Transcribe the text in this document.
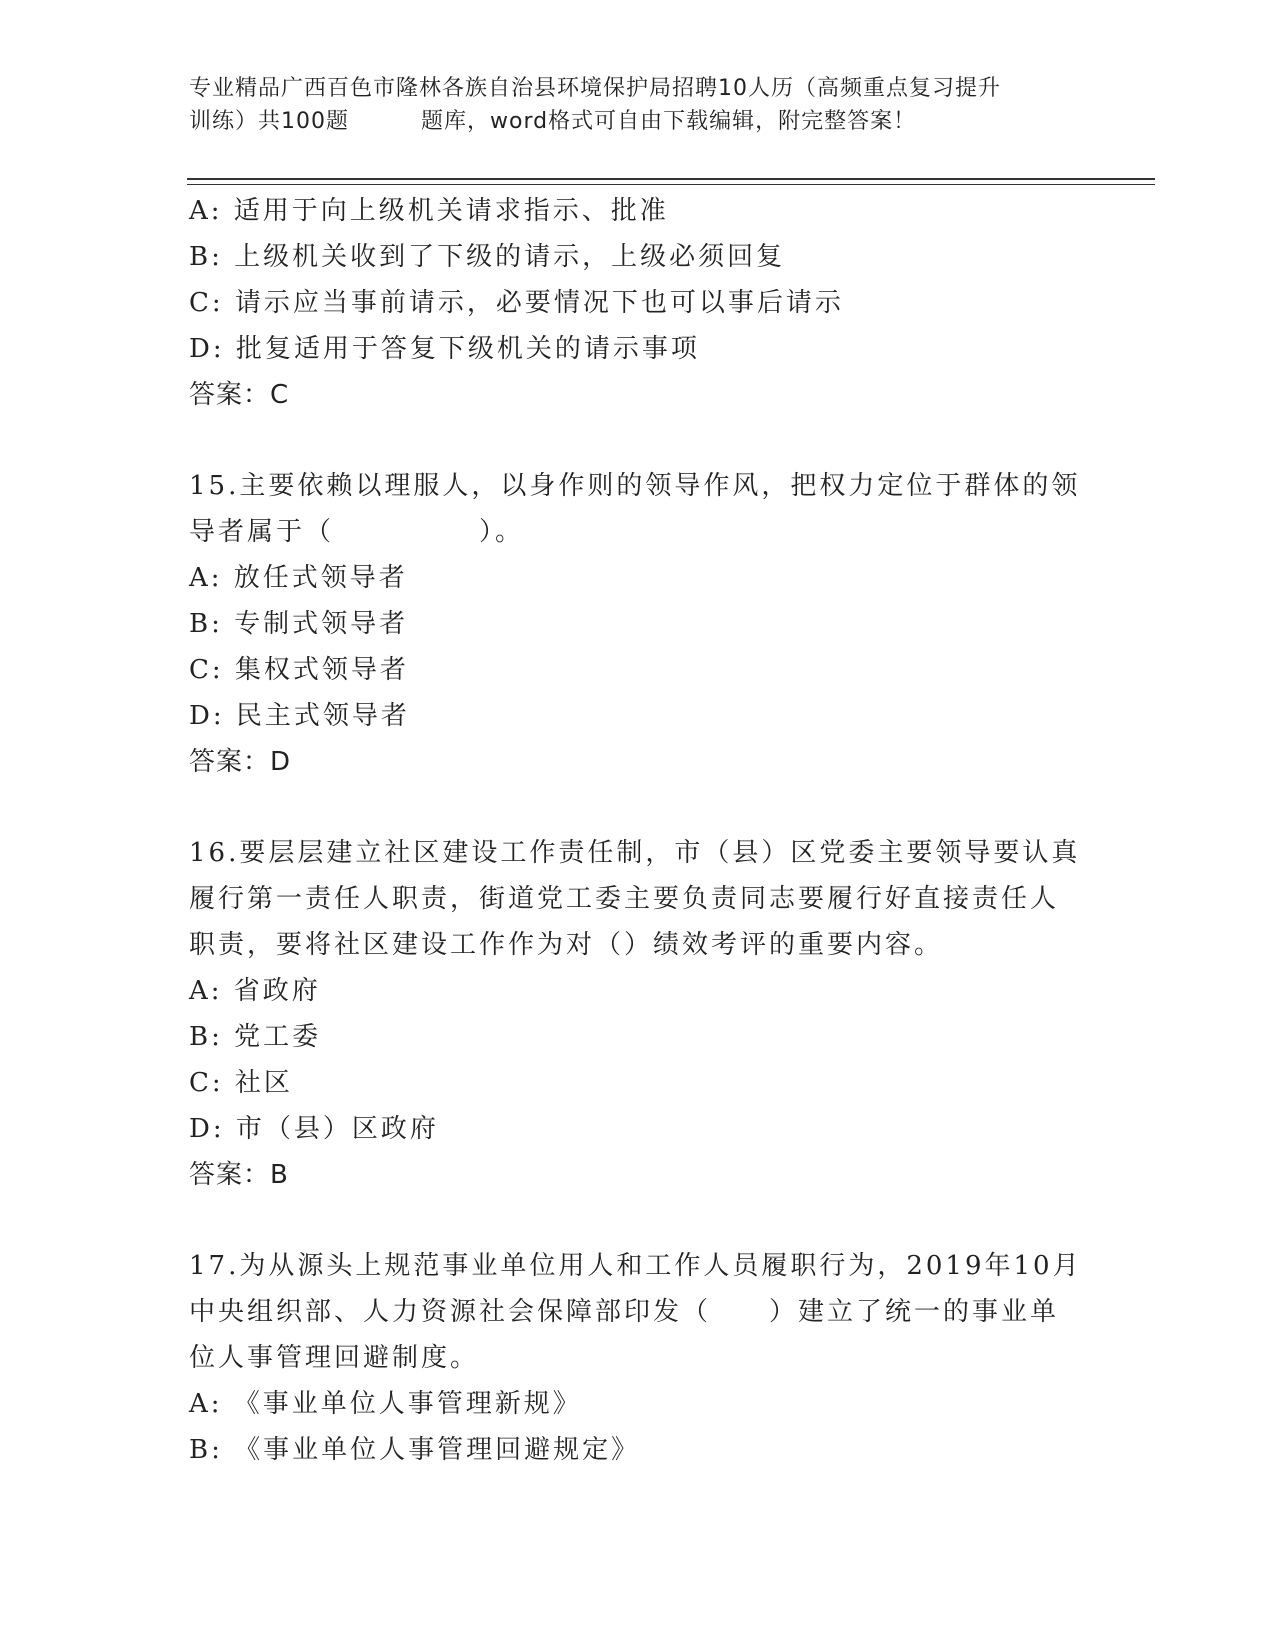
专业精品广西百色市隆林各族自治县环境保护局招聘10人历（高频重点复习提升
训练）共100题	题库，word格式可自由下载编辑，附完整答案！
A: 适用于向上级机关请求指示、批准
B: 上级机关收到了下级的请示，上级必须回复
C: 请示应当事前请示，必要情况下也可以事后请示
D: 批复适用于答复下级机关的请示事项
答案：C
15.主要依赖以理服人，以身作则的领导作风，把权力定位于群体的领
导者属于（　　　　　）。
A: 放任式领导者
B: 专制式领导者
C: 集权式领导者
D: 民主式领导者
答案：D
16.要层层建立社区建设工作责任制，市（县）区党委主要领导要认真
履行第一责任人职责，街道党工委主要负责同志要履行好直接责任人
职责，要将社区建设工作作为对（）绩效考评的重要内容。
A: 省政府
B: 党工委
C: 社区
D: 市（县）区政府
答案：B
17.为从源头上规范事业单位用人和工作人员履职行为，2019年10月
中央组织部、人力资源社会保障部印发（　　）建立了统一的事业单
位人事管理回避制度。
A: 《事业单位人事管理新规》
B: 《事业单位人事管理回避规定》
